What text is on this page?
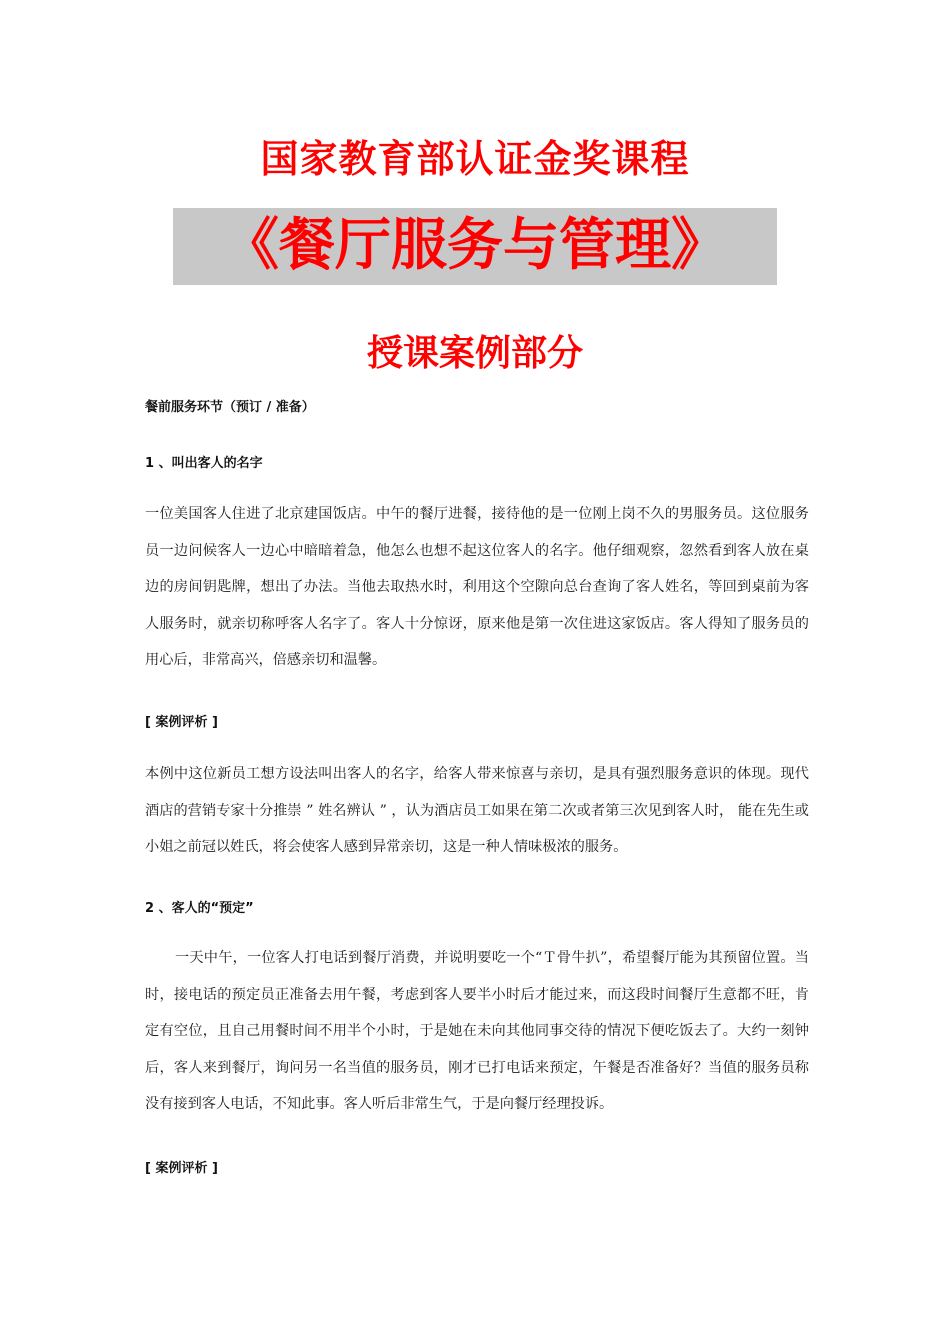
国家教育部认证金奖课程
《餐厅服务与管理》
授课案例部分
餐前服务环节（预订 / 准备）
1 、叫出客人的名字
一位美国客人住进了北京建国饭店。中午的餐厅进餐，接待他的是一位刚上岗不久的男服务员。这位服务员一边问候客人一边心中暗暗着急，他怎么也想不起这位客人的名字。他仔细观察，忽然看到客人放在桌边的房间钥匙牌，想出了办法。当他去取热水时，利用这个空隙向总台查询了客人姓名，等回到桌前为客人服务时，就亲切称呼客人名字了。客人十分惊讶，原来他是第一次住进这家饭店。客人得知了服务员的用心后，非常高兴，倍感亲切和温馨。
[ 案例评析 ]
本例中这位新员工想方设法叫出客人的名字，给客人带来惊喜与亲切，是具有强烈服务意识的体现。现代酒店的营销专家十分推崇 ” 姓名辨认 ” ，认为酒店员工如果在第二次或者第三次见到客人时， 能在先生或小姐之前冠以姓氏，将会使客人感到异常亲切，这是一种人情味极浓的服务。
2 、客人的“预定”
一天中午，一位客人打电话到餐厅消费，并说明要吃一个“Ｔ骨牛扒”，希望餐厅能为其预留位置。当时，接电话的预定员正准备去用午餐，考虑到客人要半小时后才能过来，而这段时间餐厅生意都不旺，肯定有空位，且自己用餐时间不用半个小时，于是她在未向其他同事交待的情况下便吃饭去了。大约一刻钟后，客人来到餐厅，询问另一名当值的服务员，刚才已打电话来预定，午餐是否准备好？当值的服务员称没有接到客人电话，不知此事。客人听后非常生气，于是向餐厅经理投诉。
[ 案例评析 ]
